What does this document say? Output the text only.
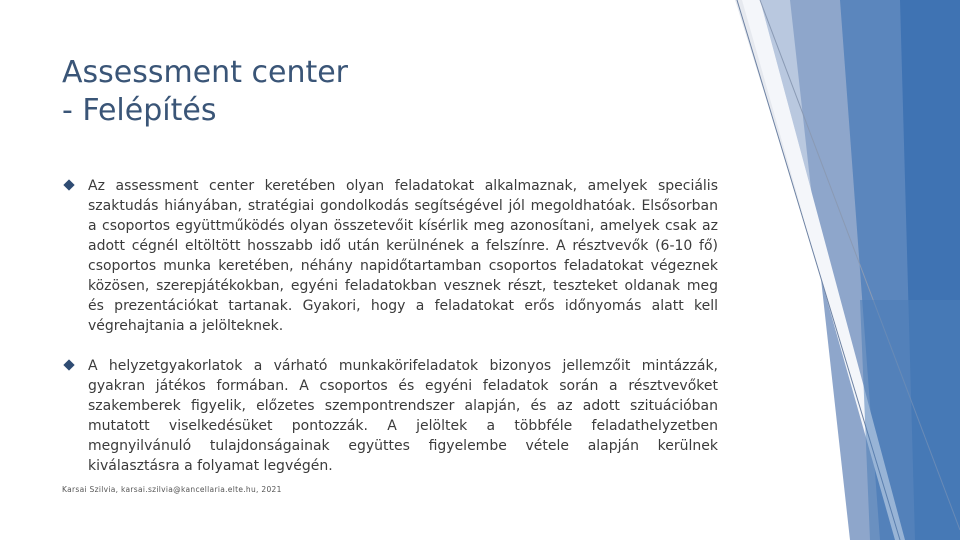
Assessment center
- Felépítés
Az assessment center keretében olyan feladatokat alkalmaznak, amelyek speciális szaktudás hiányában, stratégiai gondolkodás segítségével jól megoldhatóak. Elsősorban a csoportos együttműködés olyan összetevőit kísérlik meg azonosítani, amelyek csak az adott cégnél eltöltött hosszabb idő után kerülnének a felszínre. A résztvevők (6-10 fő) csoportos munka keretében, néhány napidőtartamban csoportos feladatokat végeznek közösen, szerepjátékokban, egyéni feladatokban vesznek részt, teszteket oldanak meg és prezentációkat tartanak. Gyakori, hogy a feladatokat erős időnyomás alatt kell végrehajtania a jelölteknek.
A helyzetgyakorlatok a várható munkakörifeladatok bizonyos jellemzőit mintázzák, gyakran játékos formában. A csoportos és egyéni feladatok során a résztvevőket szakemberek figyelik, előzetes szempontrendszer alapján, és az adott szituációban mutatott viselkedésüket pontozzák. A jelöltek a többféle feladathelyzetben megnyilvánuló tulajdonságainak együttes figyelembe vétele alapján kerülnek kiválasztásra a folyamat legvégén.
Karsai Szilvia, karsai.szilvia@kancellaria.elte.hu, 2021
